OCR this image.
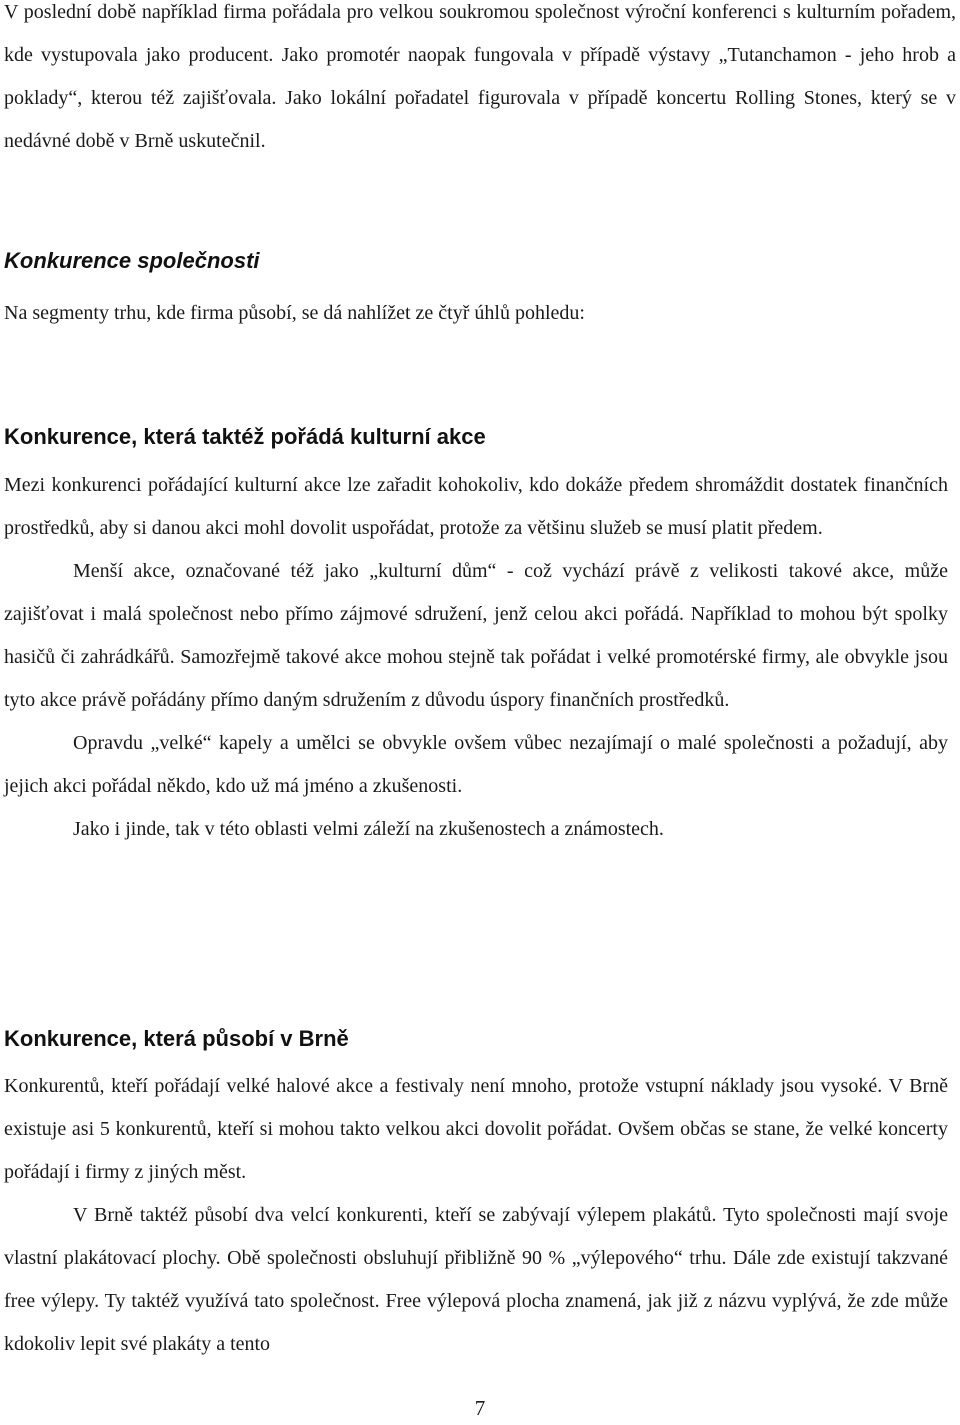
V poslední době například firma pořádala pro velkou soukromou společnost výroční konferenci s kulturním pořadem, kde vystupovala jako producent. Jako promotér naopak fungovala v případě výstavy „Tutanchamon - jeho hrob a poklady“, kterou též zajišťovala. Jako lokální pořadatel figurovala v případě koncertu Rolling Stones, který se v nedávné době v Brně uskutečnil.

Konkurence společnosti

Na segmenty trhu, kde firma působí, se dá nahlížet ze čtyř úhlů pohledu:

Konkurence, která taktéž pořádá kulturní akce

Mezi konkurenci pořádající kulturní akce lze zařadit kohokoliv, kdo dokáže předem shromáždit dostatek finančních prostředků, aby si danou akci mohl dovolit uspořádat, protože za většinu služeb se musí platit předem.

Menší akce, označované též jako „kulturní dům“ - což vychází právě z velikosti takové akce, může zajišťovat i malá společnost nebo přímo zájmové sdružení, jenž celou akci pořádá. Například to mohou být spolky hasičů či zahrádkářů. Samozřejmě takové akce mohou stejně tak pořádat i velké promotérské firmy, ale obvykle jsou tyto akce právě pořádány přímo daným sdružením z důvodu úspory finančních prostředků.

Opravdu „velké“ kapely a umělci se obvykle ovšem vůbec nezajímají o malé společnosti a požadují, aby jejich akci pořádal někdo, kdo už má jméno a zkušenosti.

Jako i jinde, tak v této oblasti velmi záleží na zkušenostech a známostech.

Konkurence, která působí v Brně

Konkurentů, kteří pořádají velké halové akce a festivaly není mnoho, protože vstupní náklady jsou vysoké. V Brně existuje asi 5 konkurentů, kteří si mohou takto velkou akci dovolit pořádat. Ovšem občas se stane, že velké koncerty pořádají i firmy z jiných měst.

V Brně taktéž působí dva velcí konkurenti, kteří se zabývají výlepem plakátů. Tyto společnosti mají svoje vlastní plakátovací plochy. Obě společnosti obsluhují přibližně 90 % „výlepového“ trhu. Dále zde existují takzvané free výlepy. Ty taktéž využívá tato společnost. Free výlepová plocha znamená, jak již z názvu vyplývá, že zde může kdokoliv lepit své plakáty a tento

7
